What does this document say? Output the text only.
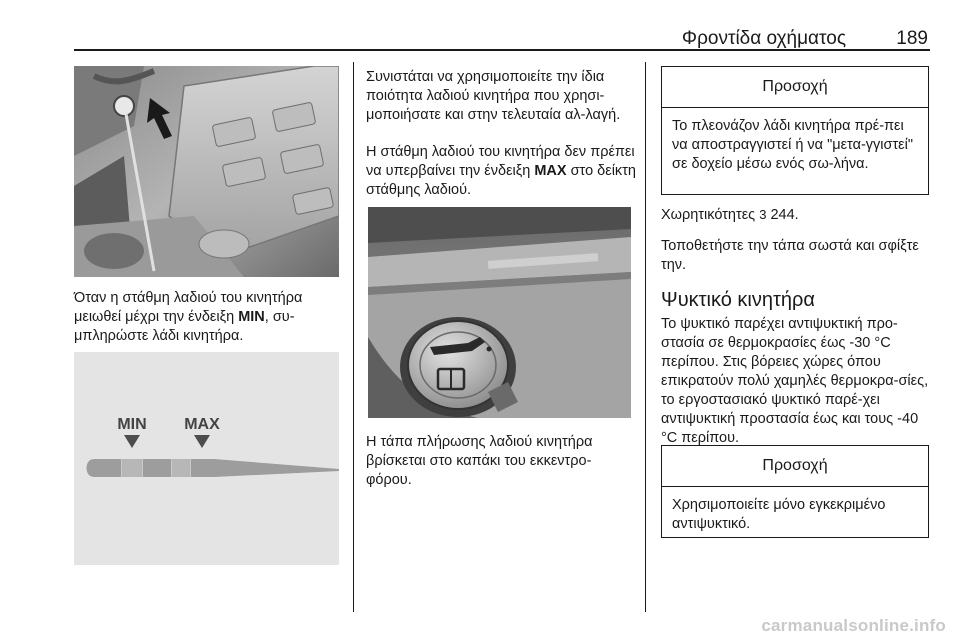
Φροντίδα οχήματος	189

Όταν η στάθμη λαδιού του κινητήρα μειωθεί μέχρι την ένδειξη MIN, συ-μπληρώστε λάδι κινητήρα.

MIN MAX

Συνιστάται να χρησιμοποιείτε την ίδια ποιότητα λαδιού κινητήρα που χρησι-μοποιήσατε και στην τελευταία αλ-λαγή.

Η στάθμη λαδιού του κινητήρα δεν πρέπει να υπερβαίνει την ένδειξη MAX στο δείκτη στάθμης λαδιού.

Η τάπα πλήρωσης λαδιού κινητήρα βρίσκεται στο καπάκι του εκκεντρο-φόρου.

Προσοχή
Το πλεονάζον λάδι κινητήρα πρέ-πει να αποστραγγιστεί ή να "μετα-γγιστεί" σε δοχείο μέσω ενός σω-λήνα.

Χωρητικότητες 3 244.

Τοποθετήστε την τάπα σωστά και σφίξτε την.

Ψυκτικό κινητήρα

Το ψυκτικό παρέχει αντιψυκτική προ-στασία σε θερμοκρασίες έως -30 °C περίπου. Στις βόρειες χώρες όπου επικρατούν πολύ χαμηλές θερμοκρα-σίες, το εργοστασιακό ψυκτικό παρέ-χει αντιψυκτική προστασία έως και τους -40 °C περίπου.

Προσοχή
Χρησιμοποιείτε μόνο εγκεκριμένο αντιψυκτικό.
carmanualsonline.info
